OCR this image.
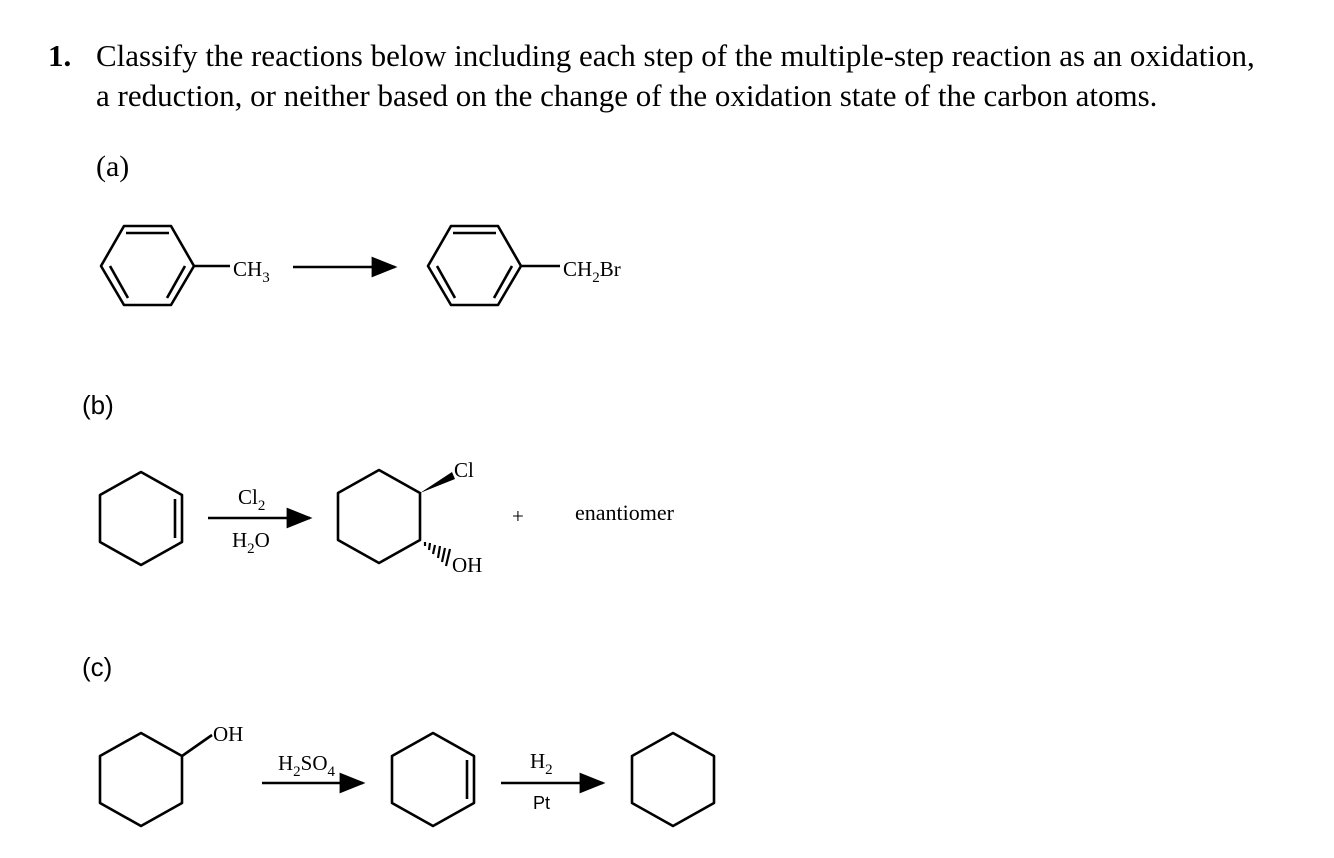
1. Classify the reactions below including each step of the multiple-step reaction as an oxidation,
a reduction, or neither based on the change of the oxidation state of the carbon atoms.
(a)
(b)
(c)
$CH_3$	$CH_2Br$
$Cl_2$
$H_2O$
Cl
OH
+ enantiomer
OH
$H_2SO_4$	$H_2$
Pt
